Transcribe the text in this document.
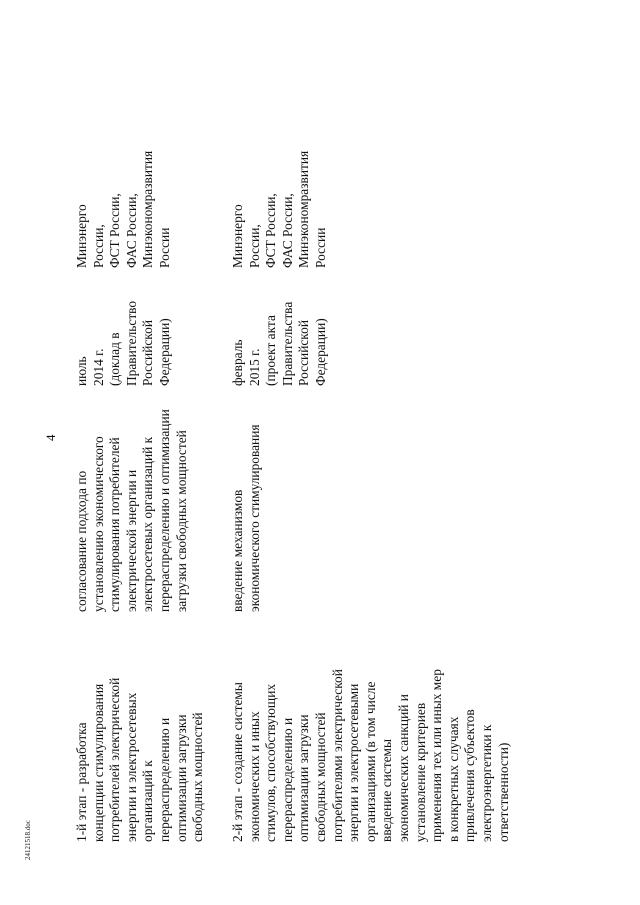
4

1-й этап - разработка концепции стимулирования потребителей электрической энергии и электросетевых организаций к перераспределению и оптимизации загрузки свободных мощностей

согласование подхода по установлению экономического стимулирования потребителей электрической энергии и электросетевых организаций к перераспределению и оптимизации загрузки свободных мощностей

июль 2014 г. (доклад в Правительство Российской Федерации)

Минэнерго России, ФСТ России, ФАС России, Минэкономразвития России

2-й этап - создание системы экономических и иных стимулов, способствующих перераспределению и оптимизации загрузки свободных мощностей потребителями электрической энергии и электросетевыми организациями (в том числе введение системы экономических санкций и установление критериев применения тех или иных мер в конкретных случаях привлечения субъектов электроэнергетики к ответственности)

введение механизмов экономического стимулирования

февраль 2015 г. (проект акта Правительства Российской Федерации)

Минэнерго России, ФСТ России, ФАС России, Минэкономразвития России

24121518.doc
